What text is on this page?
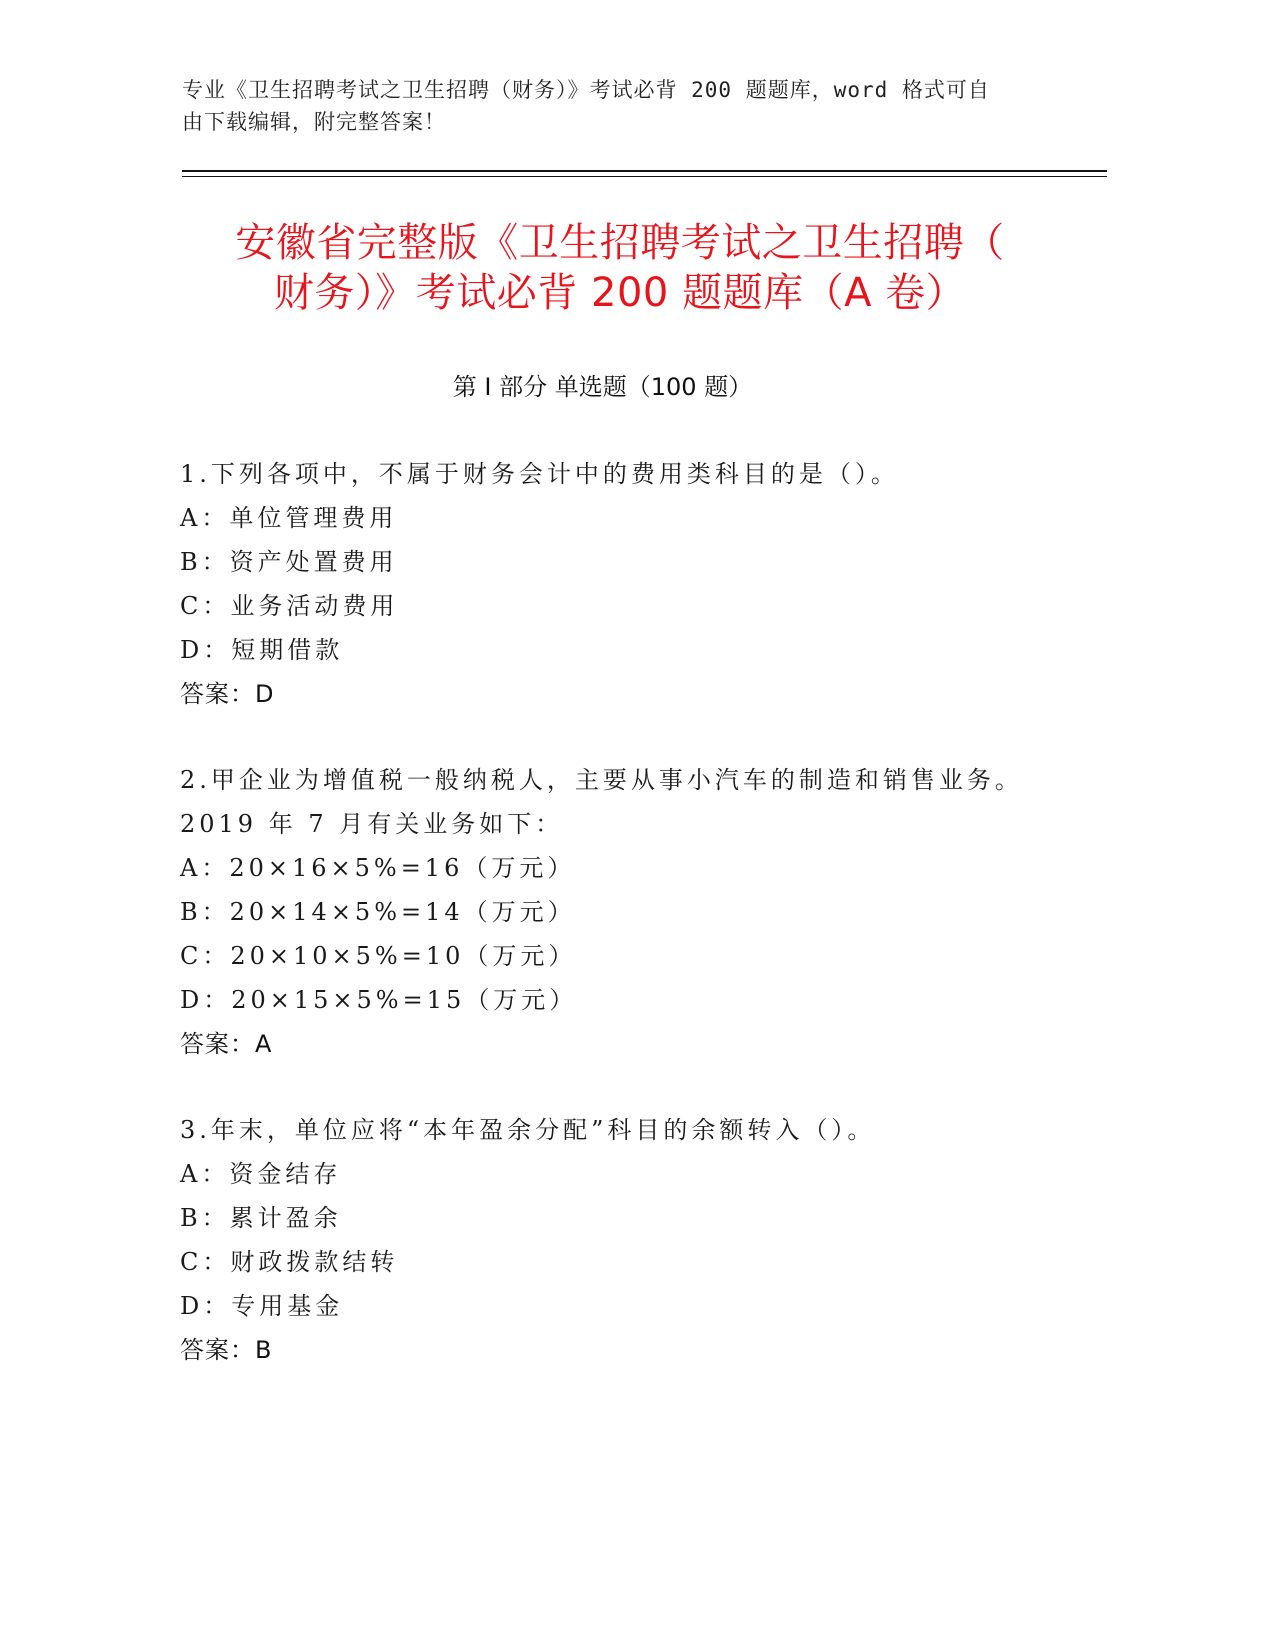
专业《卫生招聘考试之卫生招聘（财务）》考试必背 200 题题库，word 格式可自
由下载编辑，附完整答案！
安徽省完整版《卫生招聘考试之卫生招聘（
财务）》考试必背 200 题题库（A 卷）
第 I 部分 单选题（100 题）
1.下列各项中，不属于财务会计中的费用类科目的是（）。
A：单位管理费用
B：资产处置费用
C：业务活动费用
D：短期借款
答案：D
2.甲企业为增值税一般纳税人，主要从事小汽车的制造和销售业务。
2019 年 7 月有关业务如下：
A：20×16×5%=16（万元）
B：20×14×5%=14（万元）
C：20×10×5%=10（万元）
D：20×15×5%=15（万元）
答案：A
3.年末，单位应将“本年盈余分配”科目的余额转入（）。
A：资金结存
B：累计盈余
C：财政拨款结转
D：专用基金
答案：B
